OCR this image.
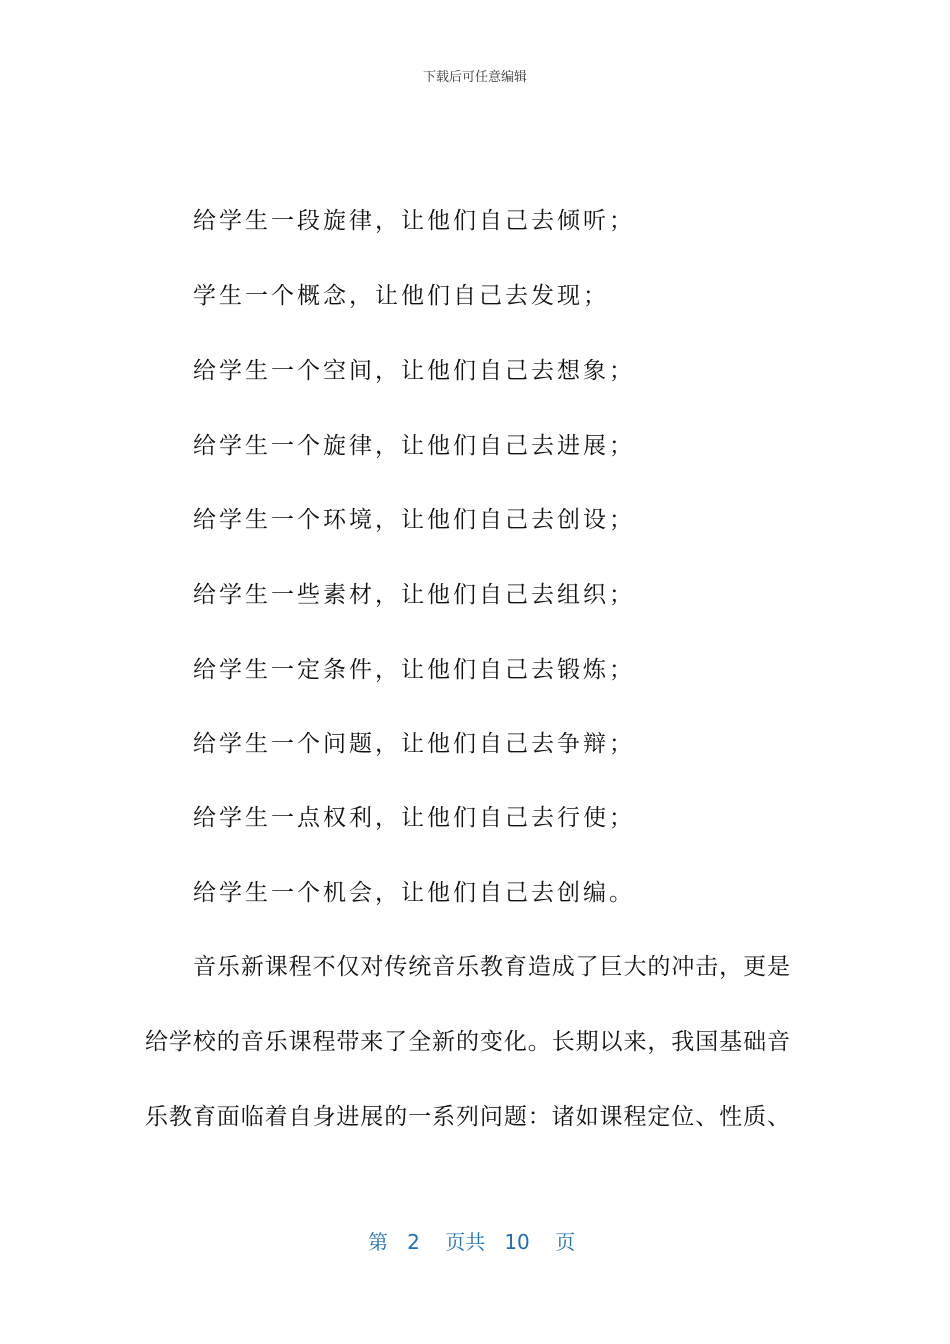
下载后可任意编辑
给学生一段旋律，让他们自己去倾听；
学生一个概念，让他们自己去发现；
给学生一个空间，让他们自己去想象；
给学生一个旋律，让他们自己去进展；
给学生一个环境，让他们自己去创设；
给学生一些素材，让他们自己去组织；
给学生一定条件，让他们自己去锻炼；
给学生一个问题，让他们自己去争辩；
给学生一点权利，让他们自己去行使；
给学生一个机会，让他们自己去创编。
音乐新课程不仅对传统音乐教育造成了巨大的冲击，更是
给学校的音乐课程带来了全新的变化。长期以来，我国基础音
乐教育面临着自身进展的一系列问题：诸如课程定位、性质、
第 2 页共 10 页
